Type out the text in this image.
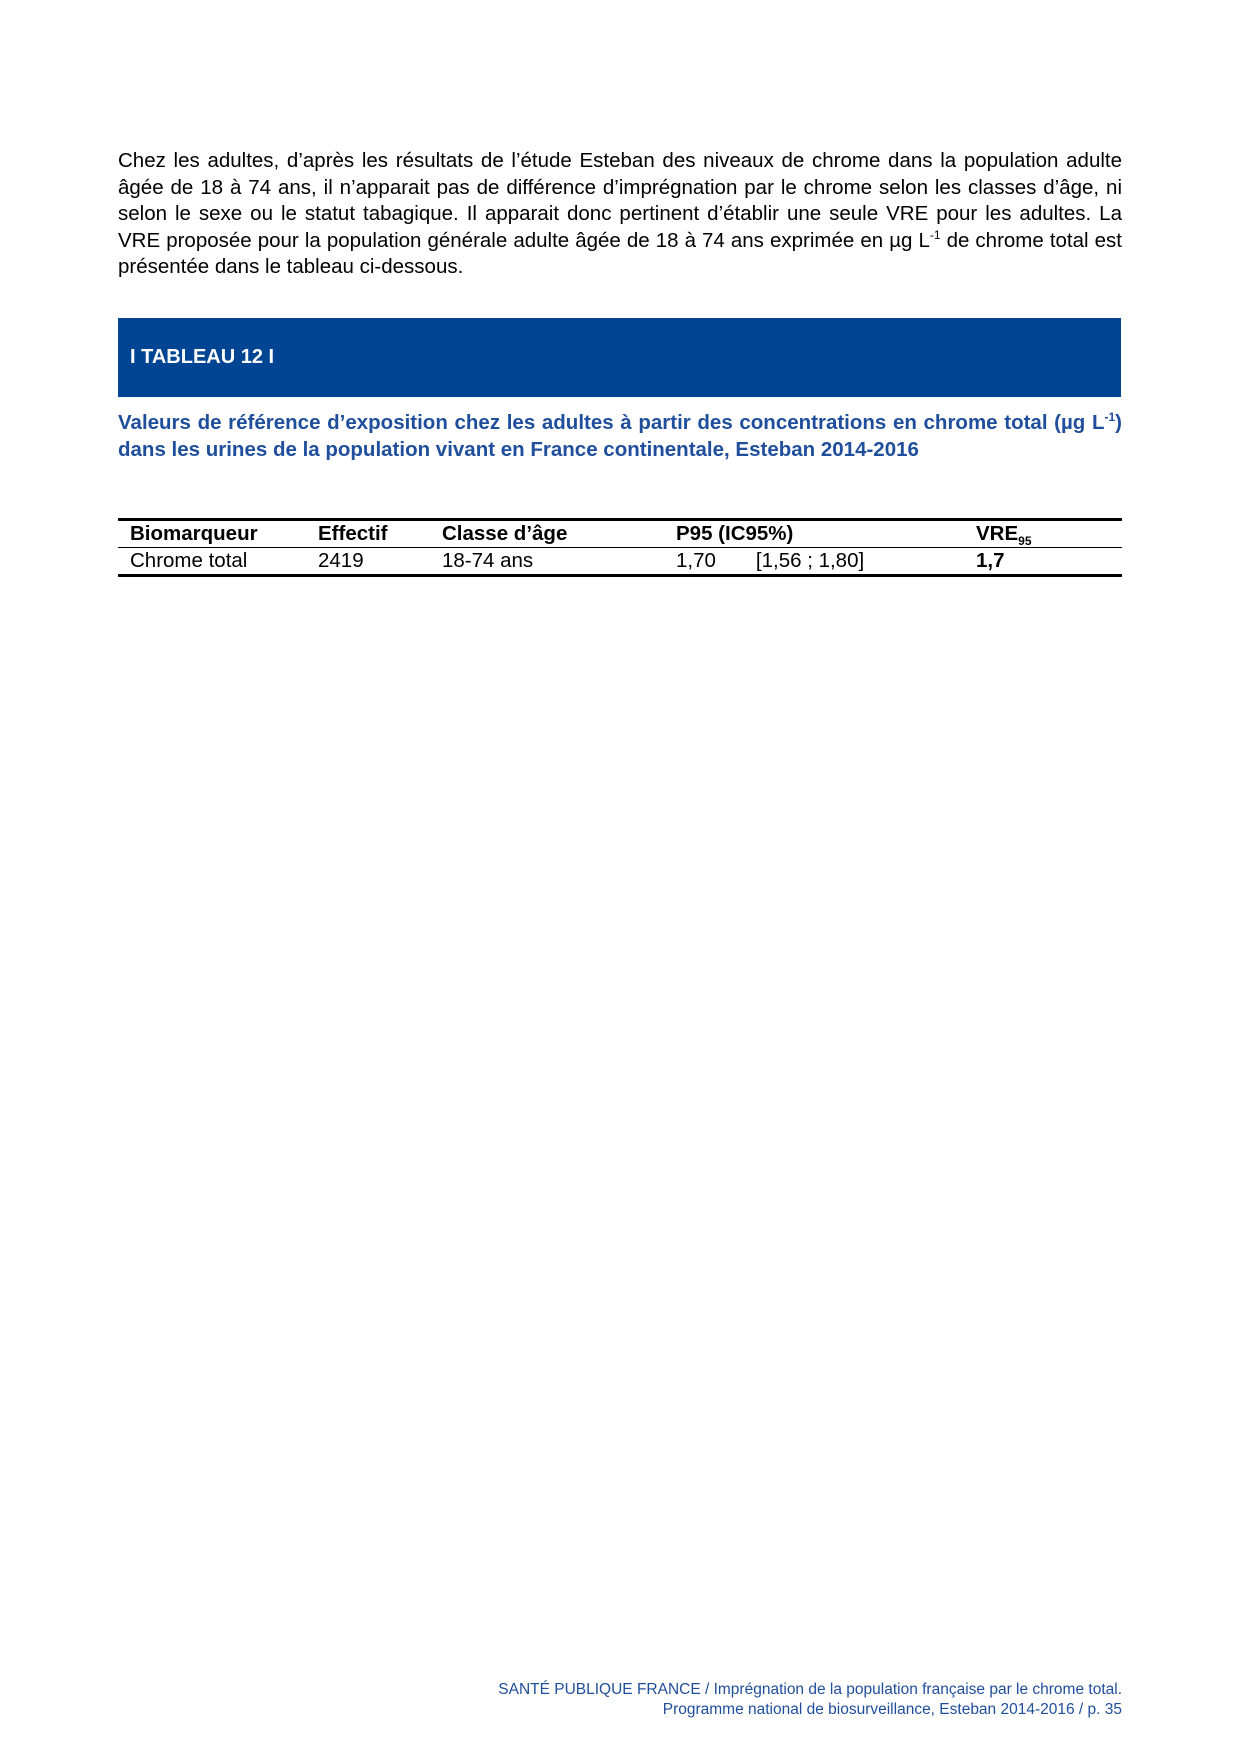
Chez les adultes, d’après les résultats de l’étude Esteban des niveaux de chrome dans la population adulte âgée de 18 à 74 ans, il n’apparait pas de différence d’imprégnation par le chrome selon les classes d’âge, ni selon le sexe ou le statut tabagique. Il apparait donc pertinent d’établir une seule VRE pour les adultes. La VRE proposée pour la population générale adulte âgée de 18 à 74 ans exprimée en µg $L^{-1}$ de chrome total est présentée dans le tableau ci-dessous.

I TABLEAU 12 I

Valeurs de référence d’exposition chez les adultes à partir des concentrations en chrome total (µg $L^{-1}$) dans les urines de la population vivant en France continentale, Esteban 2014-2016

Biomarqueur	Effectif	Classe d’âge	P95 (IC95%)	$VRE_{95}$
Chrome total	2419	18-74 ans	1,70 [1,56 ; 1,80]	1,7
SANTÉ PUBLIQUE FRANCE / Imprégnation de la population française par le chrome total.
Programme national de biosurveillance, Esteban 2014-2016 / p. 35
